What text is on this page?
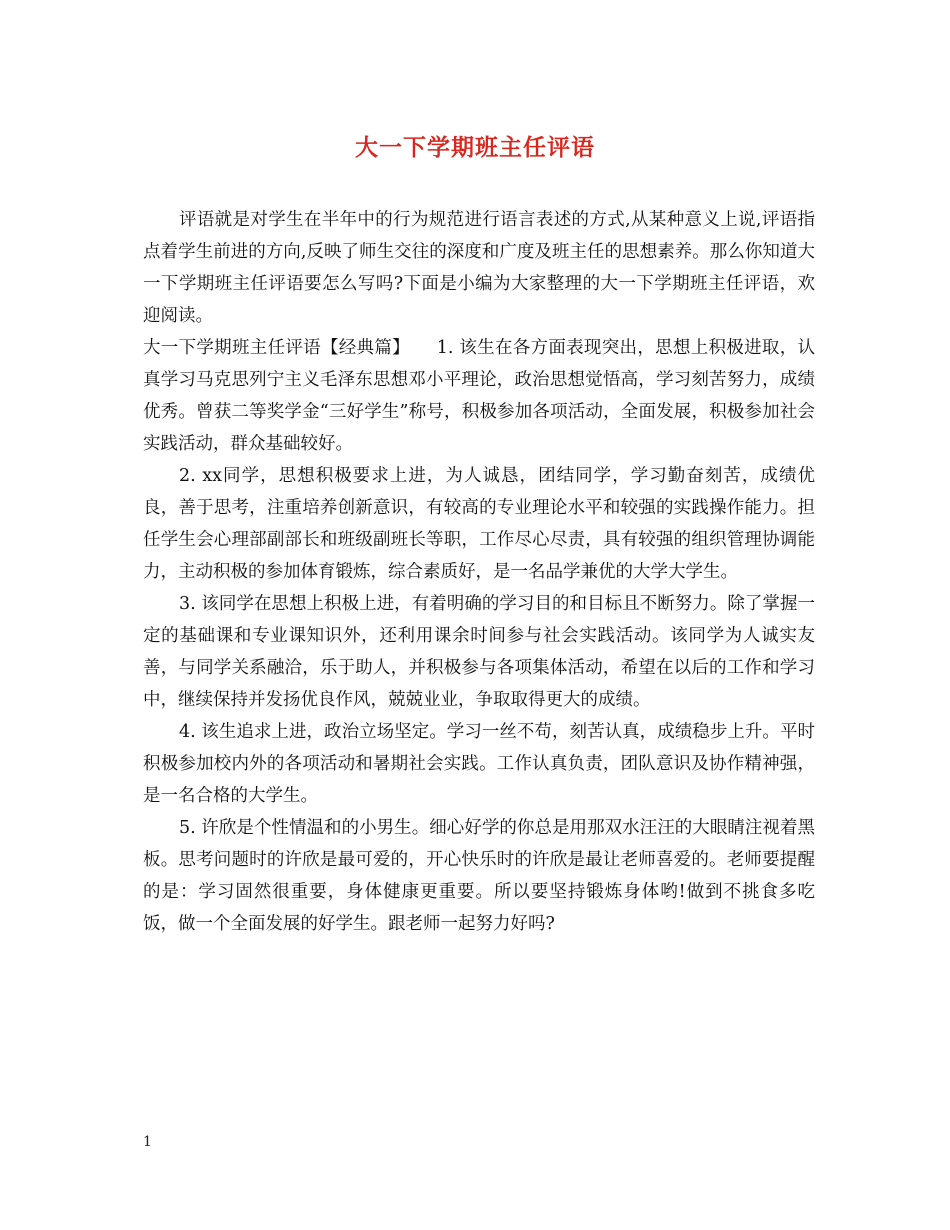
大一下学期班主任评语

评语就是对学生在半年中的行为规范进行语言表述的方式,从某种意义上说,评语指点着学生前进的方向,反映了师生交往的深度和广度及班主任的思想素养。那么你知道大一下学期班主任评语要怎么写吗?下面是小编为大家整理的大一下学期班主任评语，欢迎阅读。

大一下学期班主任评语【经典篇】　　1. 该生在各方面表现突出，思想上积极进取，认真学习马克思列宁主义毛泽东思想邓小平理论，政治思想觉悟高，学习刻苦努力，成绩优秀。曾获二等奖学金“三好学生”称号，积极参加各项活动，全面发展，积极参加社会实践活动，群众基础较好。

2. xx同学，思想积极要求上进，为人诚恳，团结同学，学习勤奋刻苦，成绩优良，善于思考，注重培养创新意识，有较高的专业理论水平和较强的实践操作能力。担任学生会心理部副部长和班级副班长等职，工作尽心尽责，具有较强的组织管理协调能力，主动积极的参加体育锻炼，综合素质好，是一名品学兼优的大学大学生。

3. 该同学在思想上积极上进，有着明确的学习目的和目标且不断努力。除了掌握一定的基础课和专业课知识外，还利用课余时间参与社会实践活动。该同学为人诚实友善，与同学关系融洽，乐于助人，并积极参与各项集体活动，希望在以后的工作和学习中，继续保持并发扬优良作风，兢兢业业，争取取得更大的成绩。

4. 该生追求上进，政治立场坚定。学习一丝不苟，刻苦认真，成绩稳步上升。平时积极参加校内外的各项活动和暑期社会实践。工作认真负责，团队意识及协作精神强，是一名合格的大学生。

5. 许欣是个性情温和的小男生。细心好学的你总是用那双水汪汪的大眼睛注视着黑板。思考问题时的许欣是最可爱的，开心快乐时的许欣是最让老师喜爱的。老师要提醒的是：学习固然很重要，身体健康更重要。所以要坚持锻炼身体哟!做到不挑食多吃饭，做一个全面发展的好学生。跟老师一起努力好吗?

1
